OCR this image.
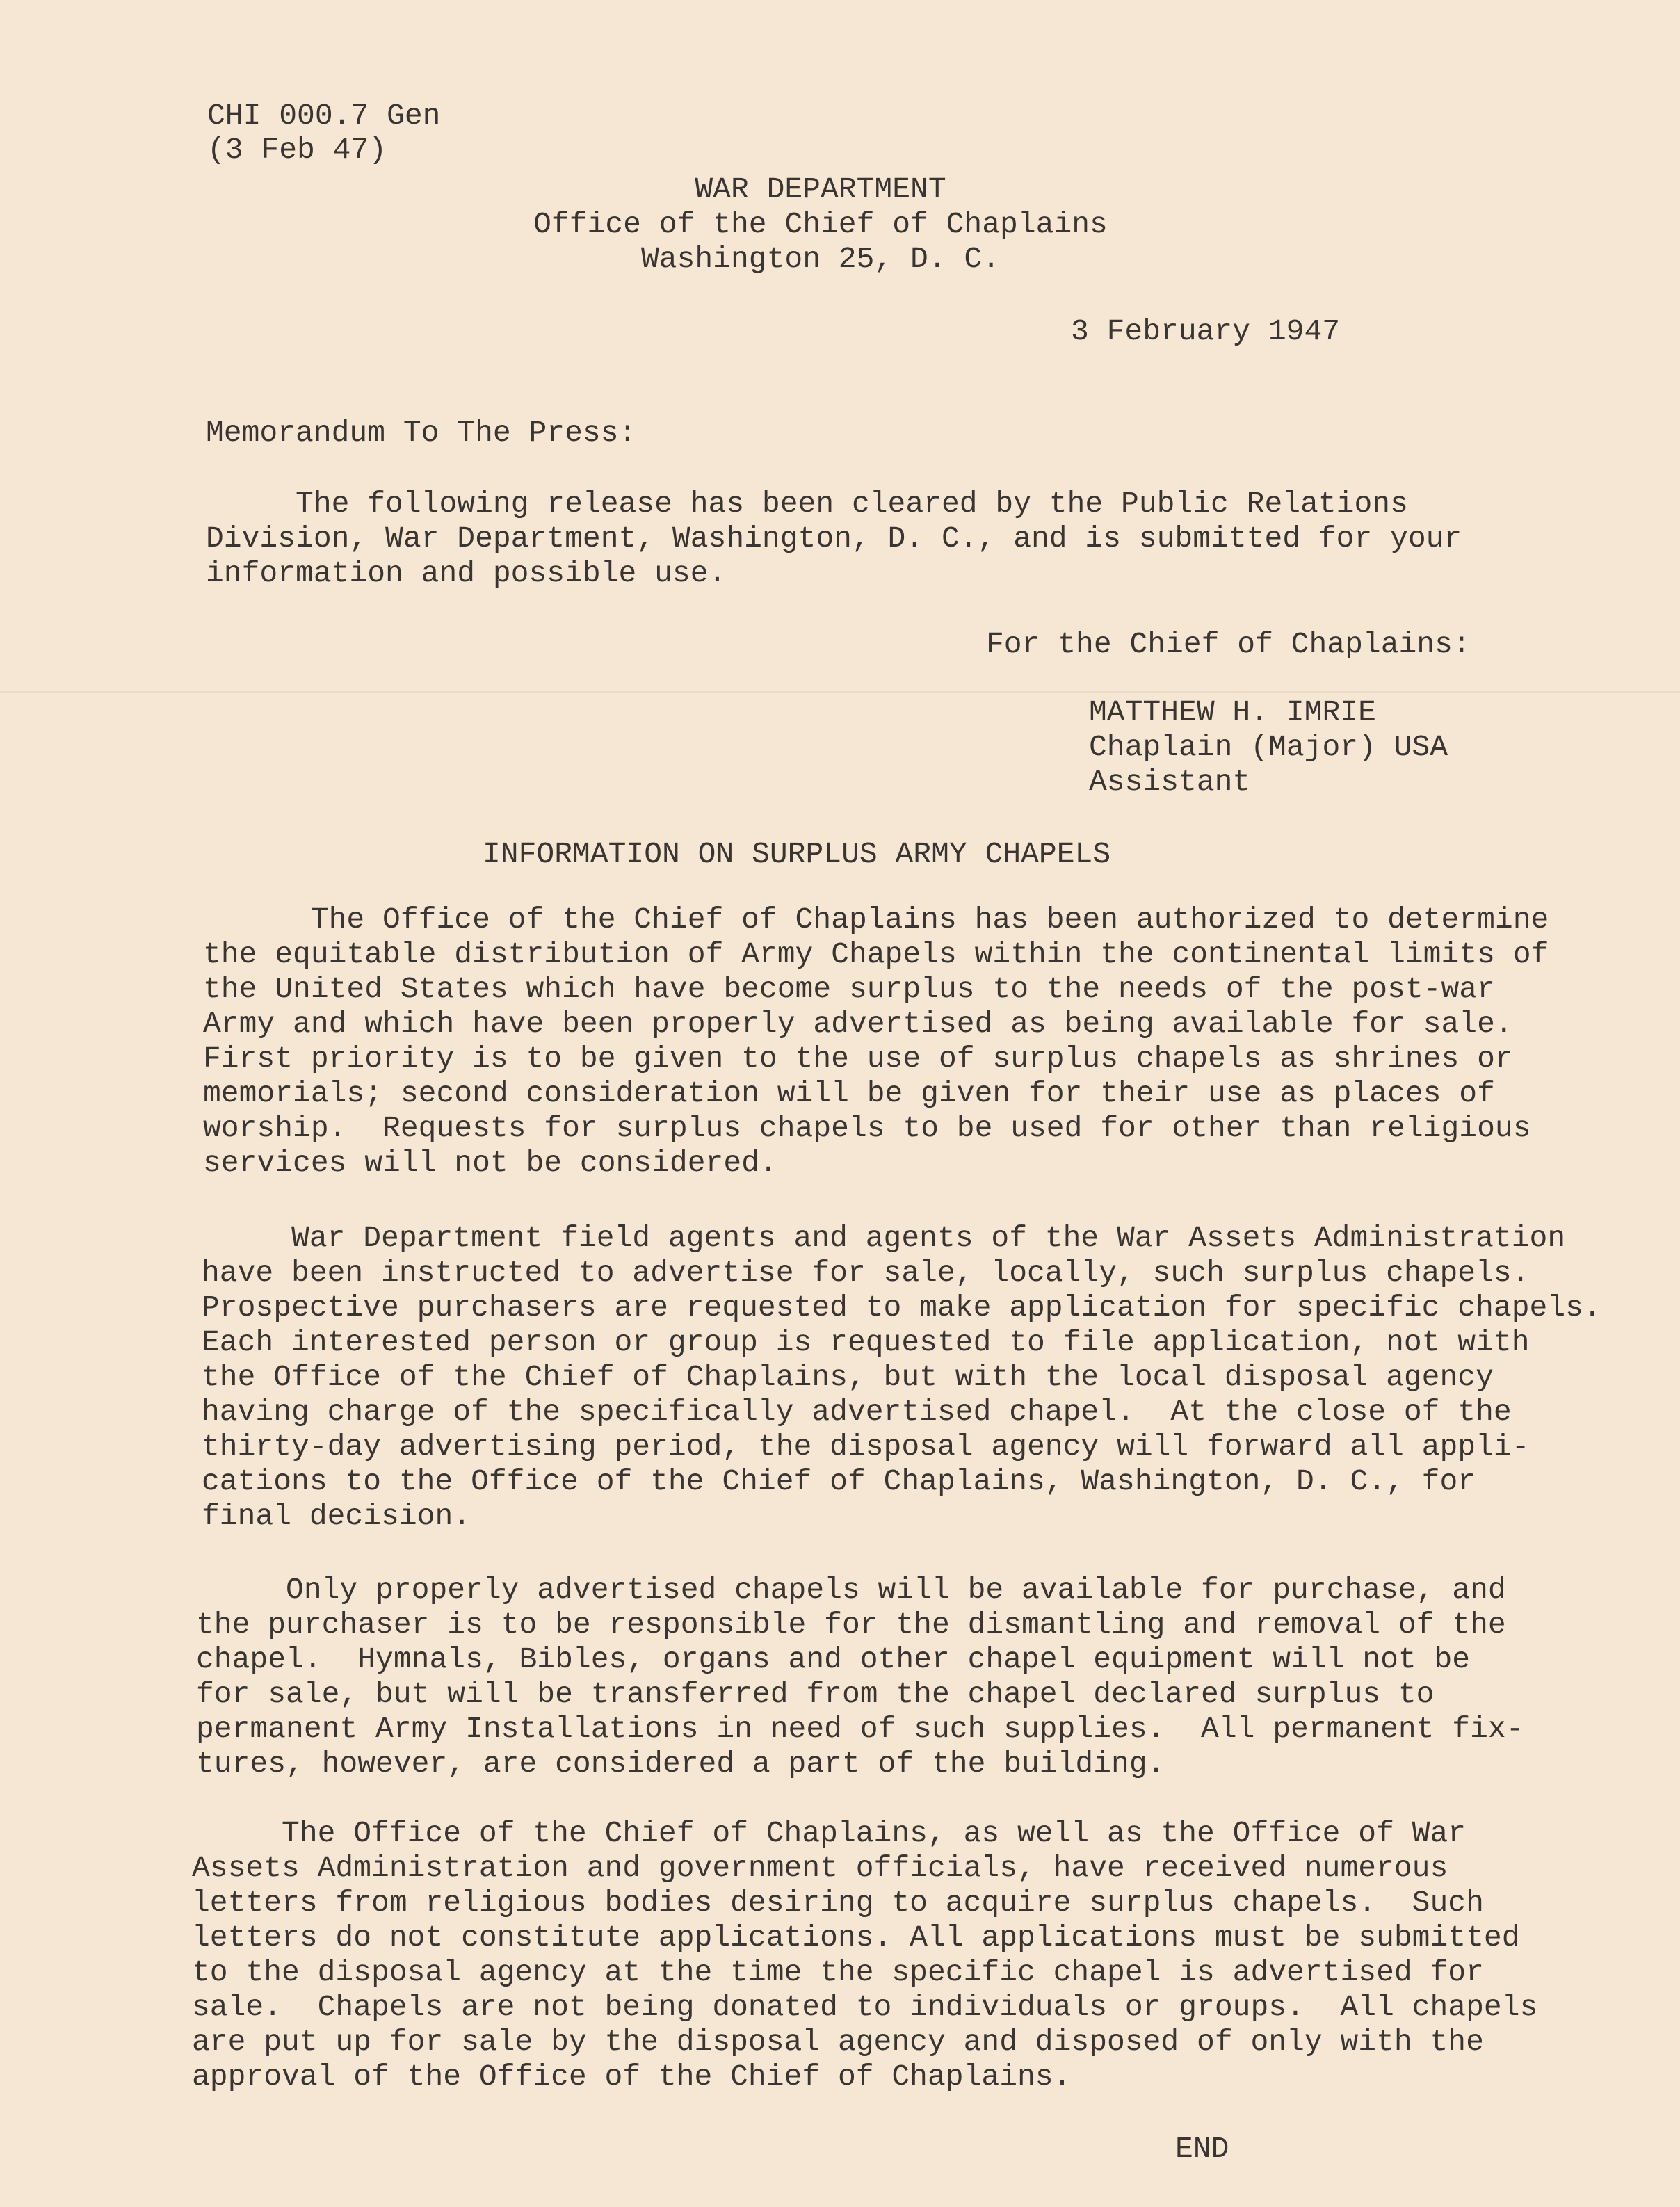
CHI 000.7 Gen
(3 Feb 47)
WAR DEPARTMENT
Office of the Chief of Chaplains
Washington 25, D. C.
3 February 1947
Memorandum To The Press:
The following release has been cleared by the Public Relations
Division, War Department, Washington, D. C., and is submitted for your
information and possible use.
For the Chief of Chaplains:
MATTHEW H. IMRIE
Chaplain (Major) USA
Assistant
INFORMATION ON SURPLUS ARMY CHAPELS
The Office of the Chief of Chaplains has been authorized to determine
the equitable distribution of Army Chapels within the continental limits of
the United States which have become surplus to the needs of the post-war
Army and which have been properly advertised as being available for sale.
First priority is to be given to the use of surplus chapels as shrines or
memorials; second consideration will be given for their use as places of
worship.  Requests for surplus chapels to be used for other than religious
services will not be considered.
War Department field agents and agents of the War Assets Administration
have been instructed to advertise for sale, locally, such surplus chapels.
Prospective purchasers are requested to make application for specific chapels.
Each interested person or group is requested to file application, not with
the Office of the Chief of Chaplains, but with the local disposal agency
having charge of the specifically advertised chapel.  At the close of the
thirty-day advertising period, the disposal agency will forward all appli-
cations to the Office of the Chief of Chaplains, Washington, D. C., for
final decision.
Only properly advertised chapels will be available for purchase, and
the purchaser is to be responsible for the dismantling and removal of the
chapel.  Hymnals, Bibles, organs and other chapel equipment will not be
for sale, but will be transferred from the chapel declared surplus to
permanent Army Installations in need of such supplies.  All permanent fix-
tures, however, are considered a part of the building.
The Office of the Chief of Chaplains, as well as the Office of War
Assets Administration and government officials, have received numerous
letters from religious bodies desiring to acquire surplus chapels.  Such
letters do not constitute applications. All applications must be submitted
to the disposal agency at the time the specific chapel is advertised for
sale.  Chapels are not being donated to individuals or groups.  All chapels
are put up for sale by the disposal agency and disposed of only with the
approval of the Office of the Chief of Chaplains.
END
